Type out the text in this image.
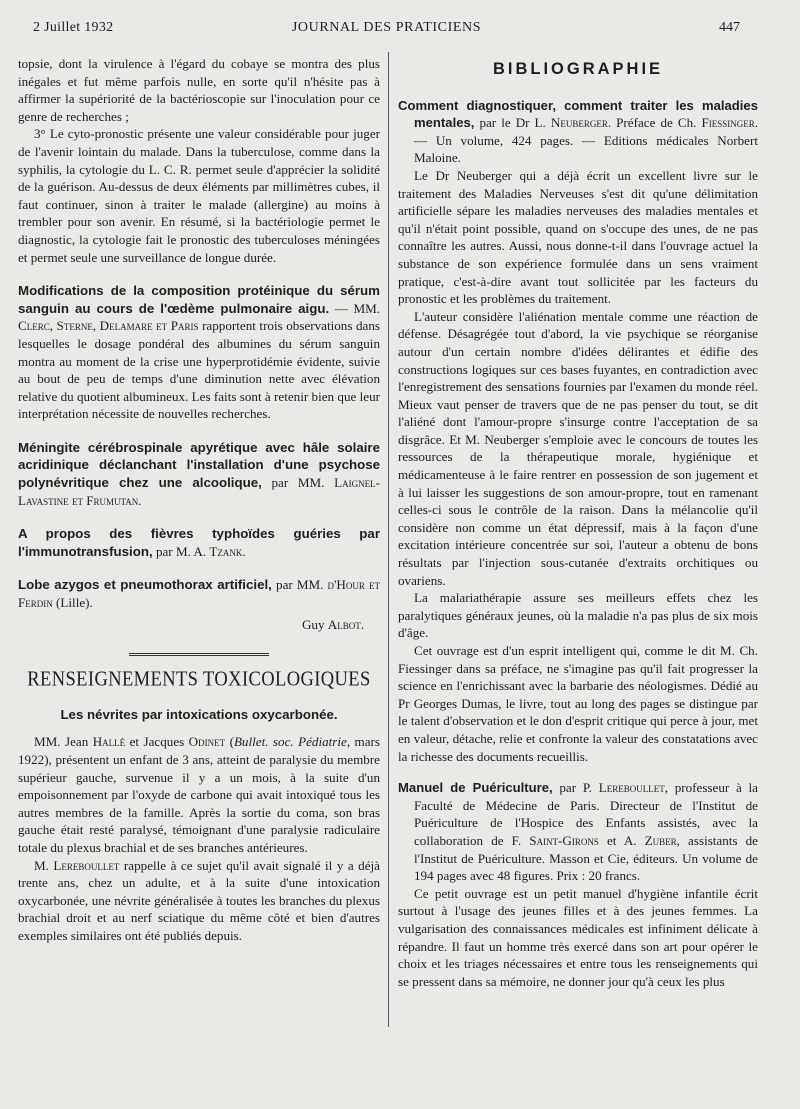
2 Juillet 1932	JOURNAL DES PRATICIENS	447

topsie, dont la virulence à l'égard du cobaye se montra des plus inégales et fut même parfois nulle, en sorte qu'il n'hésite pas à affirmer la supériorité de la bactérioscopie sur l'inoculation pour ce genre de recherches ;

3° Le cyto-pronostic présente une valeur considérable pour juger de l'avenir lointain du malade. Dans la tuberculose, comme dans la syphilis, la cytologie du L. C. R. permet seule d'apprécier la solidité de la guérison. Au-dessus de deux éléments par millimètres cubes, il faut continuer, sinon à traiter le malade (allergine) au moins à trembler pour son avenir. En résumé, si la bactériologie permet le diagnostic, la cytologie fait le pronostic des tuberculoses méningées et permet seule une surveillance de longue durée.

Modifications de la composition protéinique du sérum sanguin au cours de l'œdème pulmonaire aigu. — MM. Clerc, Sterne, Delamare et Paris rapportent trois observations dans lesquelles le dosage pondéral des albumines du sérum sanguin montra au moment de la crise une hyperprotidémie évidente, suivie au bout de peu de temps d'une diminution nette avec élévation relative du quotient albumineux. Les faits sont à retenir bien que leur interprétation nécessite de nouvelles recherches.

Méningite cérébrospinale apyrétique avec hâle solaire acridinique déclanchant l'installation d'une psychose polynévritique chez une alcoolique, par MM. Laignel-Lavastine et Frumutan.

A propos des fièvres typhoïdes guéries par l'immunotransfusion, par M. A. Tzank.

Lobe azygos et pneumothorax artificiel, par MM. d'Hour et Ferdin (Lille).

Guy Albot.

RENSEIGNEMENTS TOXICOLOGIQUES

Les névrites par intoxications oxycarbonée.

MM. Jean Hallé et Jacques Odinet (Bullet. soc. Pédiatrie, mars 1922), présentent un enfant de 3 ans, atteint de paralysie du membre supérieur gauche, survenue il y a un mois, à la suite d'un empoisonnement par l'oxyde de carbone qui avait intoxiqué tous les autres membres de la famille. Après la sortie du coma, son bras gauche était resté paralysé, témoignant d'une paralysie radiculaire totale du plexus brachial et de ses branches antérieures.

M. Lereboullet rappelle à ce sujet qu'il avait signalé il y a déjà trente ans, chez un adulte, et à la suite d'une intoxication oxycarbonée, une névrite généralisée à toutes les branches du plexus brachial droit et au nerf sciatique du même côté et bien d'autres exemples similaires ont été publiés depuis.

BIBLIOGRAPHIE

Comment diagnostiquer, comment traiter les maladies mentales, par le Dr L. Neuberger. Préface de Ch. Fiessinger. — Un volume, 424 pages. — Editions médicales Norbert Maloine.

Le Dr Neuberger qui a déjà écrit un excellent livre sur le traitement des Maladies Nerveuses s'est dit qu'une délimitation artificielle sépare les maladies nerveuses des maladies mentales et qu'il n'était point possible, quand on s'occupe des unes, de ne pas connaître les autres. Aussi, nous donne-t-il dans l'ouvrage actuel la substance de son expérience formulée dans un sens vraiment pratique, c'est-à-dire avant tout sollicitée par les facteurs du pronostic et les problèmes du traitement.

L'auteur considère l'aliénation mentale comme une réaction de défense. Désagrégée tout d'abord, la vie psychique se réorganise autour d'un certain nombre d'idées délirantes et édifie des constructions logiques sur ces bases fuyantes, en contradiction avec l'enregistrement des sensations fournies par l'examen du monde réel. Mieux vaut penser de travers que de ne pas penser du tout, se dit l'aliéné dont l'amour-propre s'insurge contre l'acceptation de sa disgrâce. Et M. Neuberger s'emploie avec le concours de toutes les ressources de la thérapeutique morale, hygiénique et médicamenteuse à le faire rentrer en possession de son jugement et à lui laisser les suggestions de son amour-propre, tout en ramenant celles-ci sous le contrôle de la raison. Dans la mélancolie qu'il considère non comme un état dépressif, mais à la façon d'une excitation intérieure concentrée sur soi, l'auteur a obtenu de bons résultats par l'injection sous-cutanée d'extraits orchitiques ou ovariens.

La malariathérapie assure ses meilleurs effets chez les paralytiques généraux jeunes, où la maladie n'a pas plus de six mois d'âge.

Cet ouvrage est d'un esprit intelligent qui, comme le dit M. Ch. Fiessinger dans sa préface, ne s'imagine pas qu'il fait progresser la science en l'enrichissant avec la barbarie des néologismes. Dédié au Pr Georges Dumas, le livre, tout au long des pages se distingue par le talent d'observation et le don d'esprit critique qui perce à jour, met en valeur, détache, relie et confronte la valeur des constatations avec la richesse des documents recueillis.

Manuel de Puériculture, par P. Lereboullet, professeur à la Faculté de Médecine de Paris. Directeur de l'Institut de Puériculture de l'Hospice des Enfants assistés, avec la collaboration de F. Saint-Girons et A. Zuber, assistants de l'Institut de Puériculture. Masson et Cie, éditeurs. Un volume de 194 pages avec 48 figures. Prix : 20 francs.

Ce petit ouvrage est un petit manuel d'hygiène infantile écrit surtout à l'usage des jeunes filles et à des jeunes femmes. La vulgarisation des connaissances médicales est infiniment délicate à répandre. Il faut un homme très exercé dans son art pour opérer le choix et les triages nécessaires et entre tous les renseignements qui se pressent dans sa mémoire, ne donner jour qu'à ceux les plus
